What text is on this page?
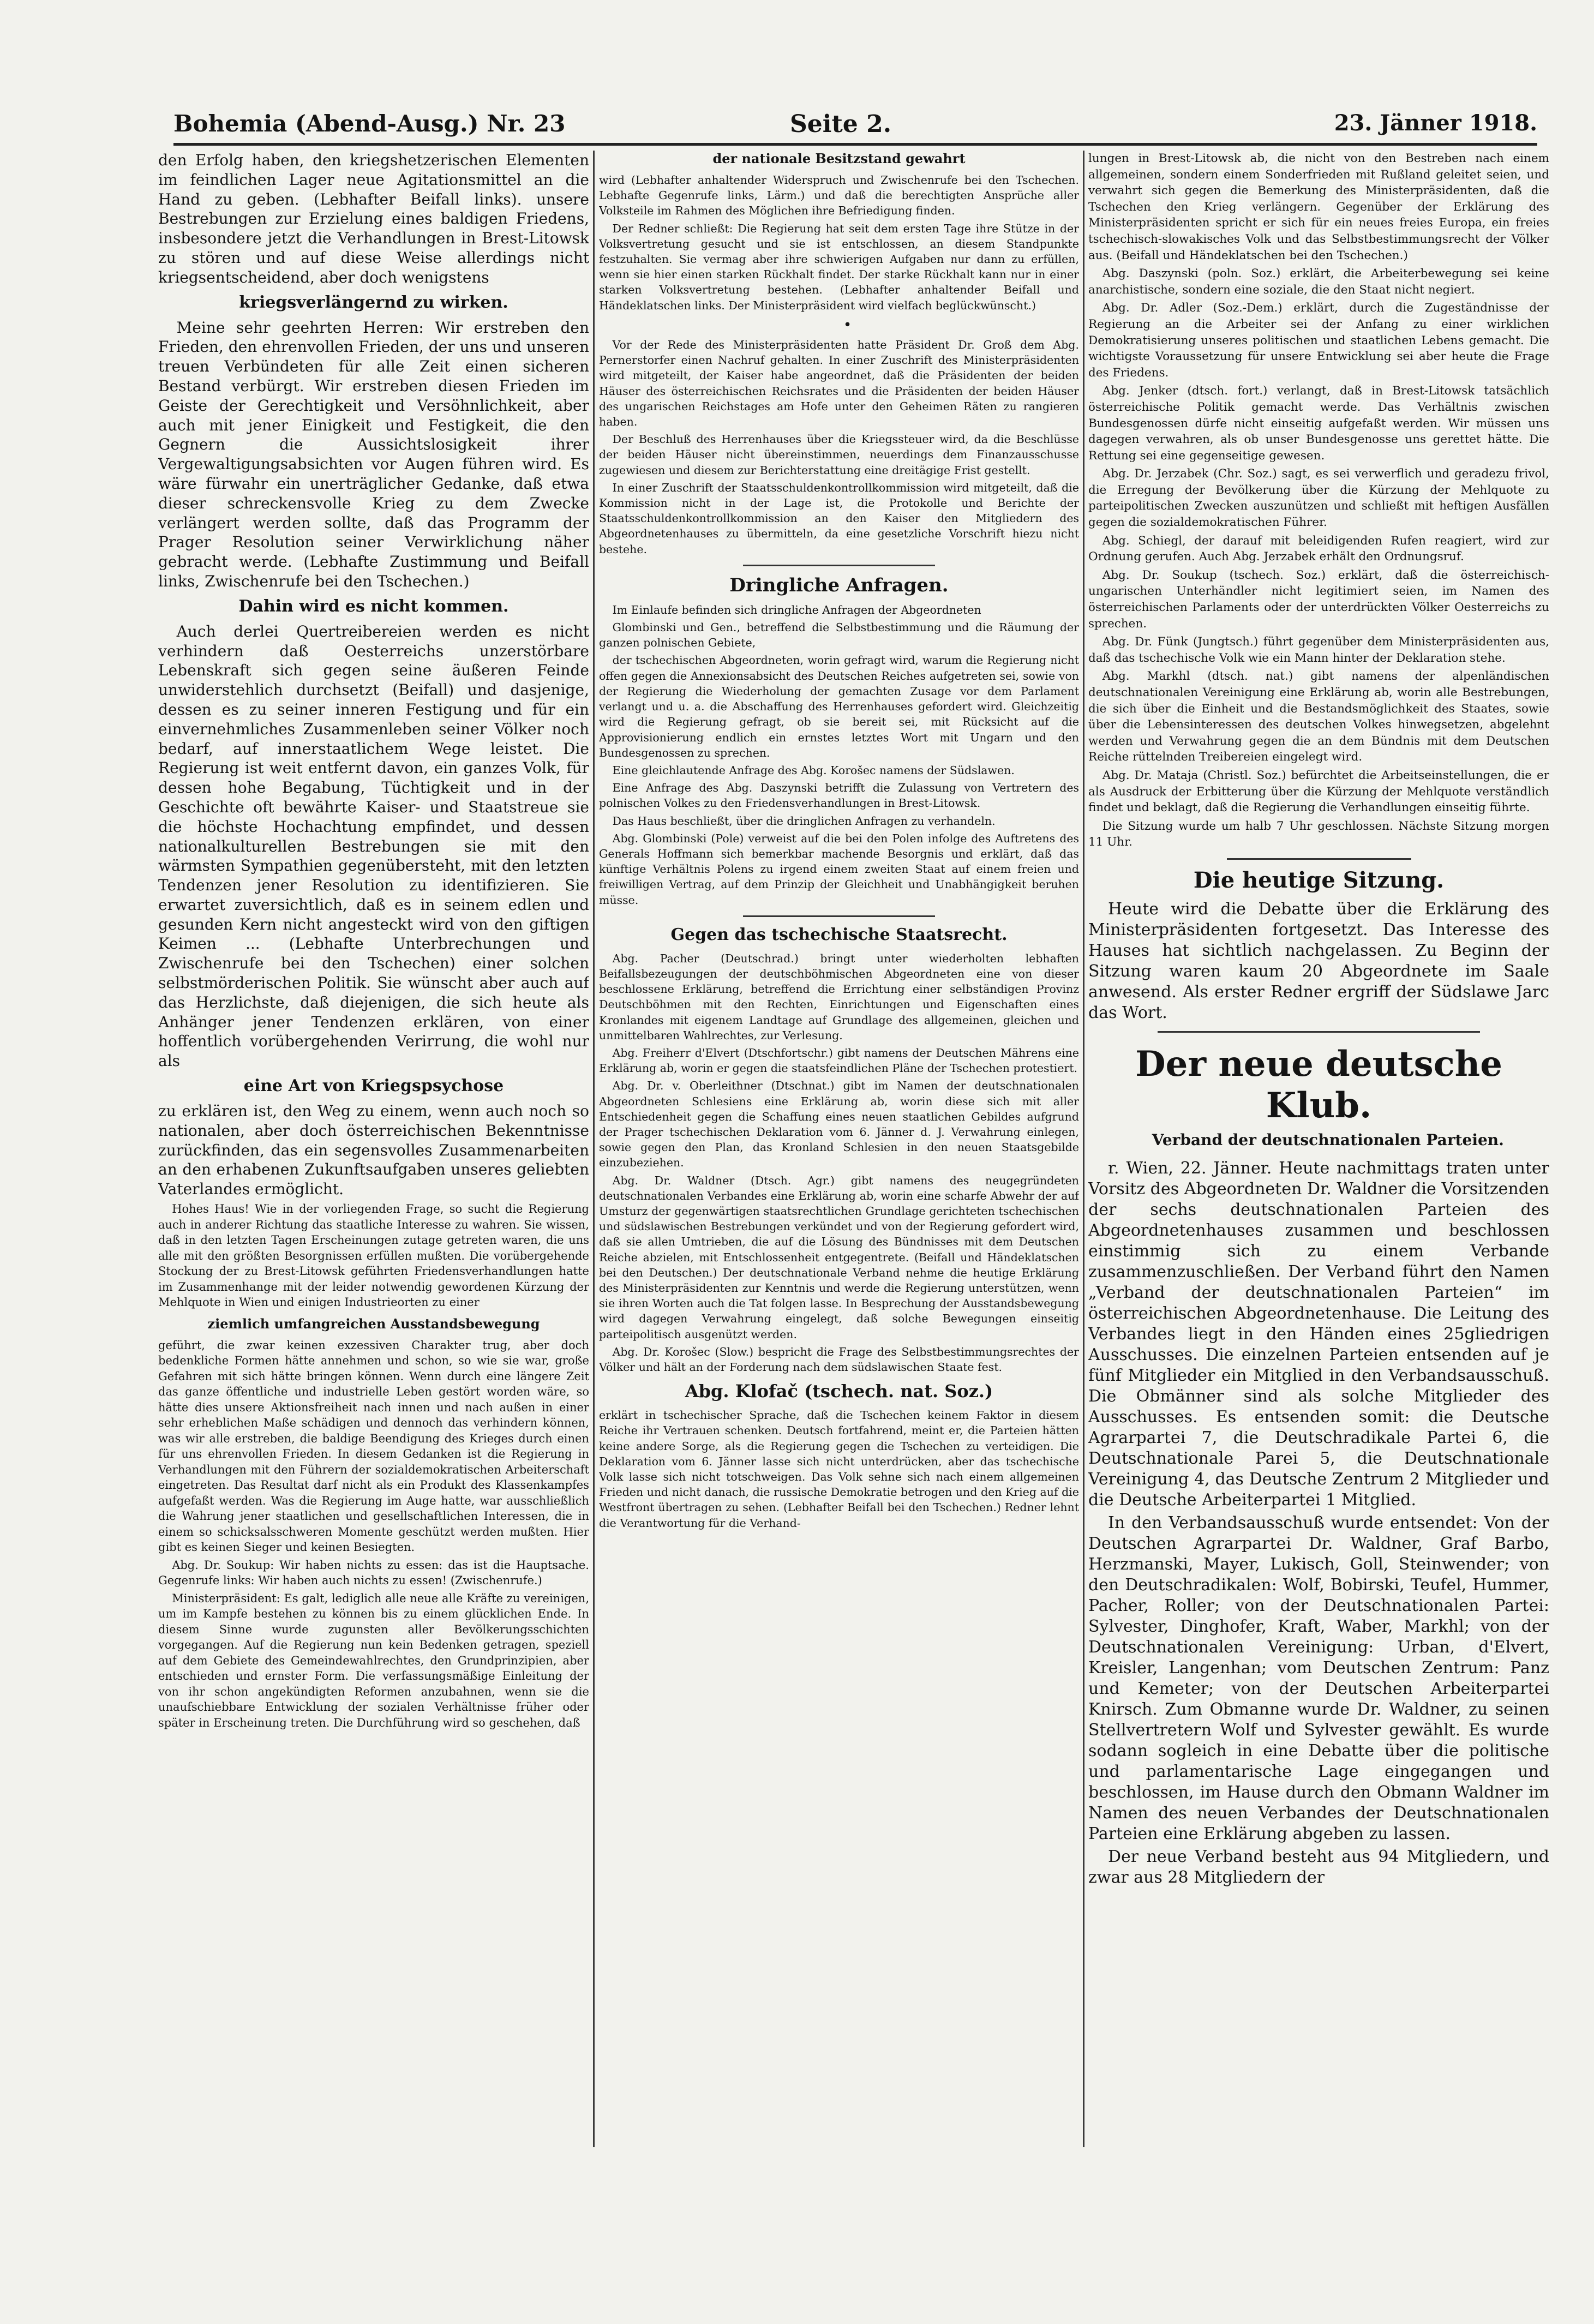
Bohemia (Abend-Ausg.) Nr. 23	Seite 2.	23. Jänner 1918.

den Erfolg haben, den kriegshetzerischen Elementen im feindlichen Lager neue Agitationsmittel an die Hand zu geben. (Lebhafter Beifall links). unsere Bestrebungen zur Erzielung eines baldigen Friedens, insbesondere jetzt die Verhandlungen in Brest-Litowsk zu stören und auf diese Weise allerdings nicht kriegsentscheidend, aber doch wenigstens

kriegsverlängernd zu wirken.

Meine sehr geehrten Herren: Wir erstreben den Frieden, den ehrenvollen Frieden, der uns und unseren treuen Verbündeten für alle Zeit einen sicheren Bestand verbürgt. Wir erstreben diesen Frieden im Geiste der Gerechtigkeit und Versöhnlichkeit, aber auch mit jener Einigkeit und Festigkeit, die den Gegnern die Aussichtslosigkeit ihrer Vergewaltigungsabsichten vor Augen führen wird. Es wäre fürwahr ein unerträglicher Gedanke, daß etwa dieser schreckensvolle Krieg zu dem Zwecke verlängert werden sollte, daß das Programm der Prager Resolution seiner Verwirklichung näher gebracht werde. (Lebhafte Zustimmung und Beifall links, Zwischenrufe bei den Tschechen.)

Dahin wird es nicht kommen.

Auch derlei Quertreibereien werden es nicht verhindern daß Oesterreichs unzerstörbare Lebenskraft sich gegen seine äußeren Feinde unwiderstehlich durchsetzt (Beifall) und dasjenige, dessen es zu seiner inneren Festigung und für ein einvernehmliches Zusammenleben seiner Völker noch bedarf, auf innerstaatlichem Wege leistet. Die Regierung ist weit entfernt davon, ein ganzes Volk, für dessen hohe Begabung, Tüchtigkeit und in der Geschichte oft bewährte Kaiser- und Staatstreue sie die höchste Hochachtung empfindet, und dessen nationalkulturellen Bestrebungen sie mit den wärmsten Sympathien gegenübersteht, mit den letzten Tendenzen jener Resolution zu identifizieren. Sie erwartet zuversichtlich, daß es in seinem edlen und gesunden Kern nicht angesteckt wird von den giftigen Keimen ... (Lebhafte Unterbrechungen und Zwischenrufe bei den Tschechen) einer solchen selbstmörderischen Politik. Sie wünscht aber auch auf das Herzlichste, daß diejenigen, die sich heute als Anhänger jener Tendenzen erklären, von einer hoffentlich vorübergehenden Verirrung, die wohl nur als

eine Art von Kriegspsychose

zu erklären ist, den Weg zu einem, wenn auch noch so nationalen, aber doch österreichischen Bekenntnisse zurückfinden, das ein segensvolles Zusammenarbeiten an den erhabenen Zukunftsaufgaben unseres geliebten Vaterlandes ermöglicht.

Hohes Haus! Wie in der vorliegenden Frage, so sucht die Regierung auch in anderer Richtung das staatliche Interesse zu wahren. Sie wissen, daß in den letzten Tagen Erscheinungen zutage getreten waren, die uns alle mit den größten Besorgnissen erfüllen mußten. Die vorübergehende Stockung der zu Brest-Litowsk geführten Friedensverhandlungen hatte im Zusammenhange mit der leider notwendig gewordenen Kürzung der Mehlquote in Wien und einigen Industrieorten zu einer

ziemlich umfangreichen Ausstandsbewegung

geführt, die zwar keinen exzessiven Charakter trug, aber doch bedenkliche Formen hätte annehmen und schon, so wie sie war, große Gefahren mit sich hätte bringen können. Wenn durch eine längere Zeit das ganze öffentliche und industrielle Leben gestört worden wäre, so hätte dies unsere Aktionsfreiheit nach innen und nach außen in einer sehr erheblichen Maße schädigen und dennoch das verhindern können, was wir alle erstreben, die baldige Beendigung des Krieges durch einen für uns ehrenvollen Frieden. In diesem Gedanken ist die Regierung in Verhandlungen mit den Führern der sozialdemokratischen Arbeiterschaft eingetreten. Das Resultat darf nicht als ein Produkt des Klassenkampfes aufgefaßt werden. Was die Regierung im Auge hatte, war ausschließlich die Wahrung jener staatlichen und gesellschaftlichen Interessen, die in einem so schicksalsschweren Momente geschützt werden mußten. Hier gibt es keinen Sieger und keinen Besiegten.

Abg. Dr. Soukup: Wir haben nichts zu essen: das ist die Hauptsache. Gegenrufe links: Wir haben auch nichts zu essen! (Zwischenrufe.)

Ministerpräsident: Es galt, lediglich alle neue alle Kräfte zu vereinigen, um im Kampfe bestehen zu können bis zu einem glücklichen Ende. In diesem Sinne wurde zugunsten aller Bevölkerungsschichten vorgegangen. Auf die Regierung nun kein Bedenken getragen, speziell auf dem Gebiete des Gemeindewahlrechtes, den Grundprinzipien, aber entschieden und ernster Form. Die verfassungsmäßige Einleitung der von ihr schon angekündigten Reformen anzubahnen, wenn sie die unaufschiebbare Entwicklung der sozialen Verhältnisse früher oder später in Erscheinung treten. Die Durchführung wird so geschehen, daß

der nationale Besitzstand gewahrt

wird (Lebhafter anhaltender Widerspruch und Zwischenrufe bei den Tschechen. Lebhafte Gegenrufe links, Lärm.) und daß die berechtigten Ansprüche aller Volksteile im Rahmen des Möglichen ihre Befriedigung finden.

Der Redner schließt: Die Regierung hat seit dem ersten Tage ihre Stütze in der Volksvertretung gesucht und sie ist entschlossen, an diesem Standpunkte festzuhalten. Sie vermag aber ihre schwierigen Aufgaben nur dann zu erfüllen, wenn sie hier einen starken Rückhalt findet. Der starke Rückhalt kann nur in einer starken Volksvertretung bestehen. (Lebhafter anhaltender Beifall und Händeklatschen links. Der Ministerpräsident wird vielfach beglückwünscht.)

•

Vor der Rede des Ministerpräsidenten hatte Präsident Dr. Groß dem Abg. Pernerstorfer einen Nachruf gehalten. In einer Zuschrift des Ministerpräsidenten wird mitgeteilt, der Kaiser habe angeordnet, daß die Präsidenten der beiden Häuser des österreichischen Reichsrates und die Präsidenten der beiden Häuser des ungarischen Reichstages am Hofe unter den Geheimen Räten zu rangieren haben.

Der Beschluß des Herrenhauses über die Kriegssteuer wird, da die Beschlüsse der beiden Häuser nicht übereinstimmen, neuerdings dem Finanzausschusse zugewiesen und diesem zur Berichterstattung eine dreitägige Frist gestellt.

In einer Zuschrift der Staatsschuldenkontrollkommission wird mitgeteilt, daß die Kommission nicht in der Lage ist, die Protokolle und Berichte der Staatsschuldenkontrollkommission an den Kaiser den Mitgliedern des Abgeordnetenhauses zu übermitteln, da eine gesetzliche Vorschrift hiezu nicht bestehe.

Dringliche Anfragen.

Im Einlaufe befinden sich dringliche Anfragen der Abgeordneten

Glombinski und Gen., betreffend die Selbstbestimmung und die Räumung der ganzen polnischen Gebiete,

der tschechischen Abgeordneten, worin gefragt wird, warum die Regierung nicht offen gegen die Annexionsabsicht des Deutschen Reiches aufgetreten sei, sowie von der Regierung die Wiederholung der gemachten Zusage vor dem Parlament verlangt und u. a. die Abschaffung des Herrenhauses gefordert wird. Gleichzeitig wird die Regierung gefragt, ob sie bereit sei, mit Rücksicht auf die Approvisionierung endlich ein ernstes letztes Wort mit Ungarn und den Bundesgenossen zu sprechen.

Eine gleichlautende Anfrage des Abg. Korošec namens der Südslawen.

Eine Anfrage des Abg. Daszynski betrifft die Zulassung von Vertretern des polnischen Volkes zu den Friedensverhandlungen in Brest-Litowsk.

Das Haus beschließt, über die dringlichen Anfragen zu verhandeln.

Abg. Glombinski (Pole) verweist auf die bei den Polen infolge des Auftretens des Generals Hoffmann sich bemerkbar machende Besorgnis und erklärt, daß das künftige Verhältnis Polens zu irgend einem zweiten Staat auf einem freien und freiwilligen Vertrag, auf dem Prinzip der Gleichheit und Unabhängigkeit beruhen müsse.

Gegen das tschechische Staatsrecht.

Abg. Pacher (Deutschrad.) bringt unter wiederholten lebhaften Beifallsbezeugungen der deutschböhmischen Abgeordneten eine von dieser beschlossene Erklärung, betreffend die Errichtung einer selbständigen Provinz Deutschböhmen mit den Rechten, Einrichtungen und Eigenschaften eines Kronlandes mit eigenem Landtage auf Grundlage des allgemeinen, gleichen und unmittelbaren Wahlrechtes, zur Verlesung.

Abg. Freiherr d'Elvert (Dtschfortschr.) gibt namens der Deutschen Mährens eine Erklärung ab, worin er gegen die staatsfeindlichen Pläne der Tschechen protestiert.

Abg. Dr. v. Oberleithner (Dtschnat.) gibt im Namen der deutschnationalen Abgeordneten Schlesiens eine Erklärung ab, worin diese sich mit aller Entschiedenheit gegen die Schaffung eines neuen staatlichen Gebildes aufgrund der Prager tschechischen Deklaration vom 6. Jänner d. J. Verwahrung einlegen, sowie gegen den Plan, das Kronland Schlesien in den neuen Staatsgebilde einzubeziehen.

Abg. Dr. Waldner (Dtsch. Agr.) gibt namens des neugegründeten deutschnationalen Verbandes eine Erklärung ab, worin eine scharfe Abwehr der auf Umsturz der gegenwärtigen staatsrechtlichen Grundlage gerichteten tschechischen und südslawischen Bestrebungen verkündet und von der Regierung gefordert wird, daß sie allen Umtrieben, die auf die Lösung des Bündnisses mit dem Deutschen Reiche abzielen, mit Entschlossenheit entgegentrete. (Beifall und Händeklatschen bei den Deutschen.) Der deutschnationale Verband nehme die heutige Erklärung des Ministerpräsidenten zur Kenntnis und werde die Regierung unterstützen, wenn sie ihren Worten auch die Tat folgen lasse. In Besprechung der Ausstandsbewegung wird dagegen Verwahrung eingelegt, daß solche Bewegungen einseitig parteipolitisch ausgenützt werden.

Abg. Dr. Korošec (Slow.) bespricht die Frage des Selbstbestimmungsrechtes der Völker und hält an der Forderung nach dem südslawischen Staate fest.

Abg. Klofač (tschech. nat. Soz.)

erklärt in tschechischer Sprache, daß die Tschechen keinem Faktor in diesem Reiche ihr Vertrauen schenken. Deutsch fortfahrend, meint er, die Parteien hätten keine andere Sorge, als die Regierung gegen die Tschechen zu verteidigen. Die Deklaration vom 6. Jänner lasse sich nicht unterdrücken, aber das tschechische Volk lasse sich nicht totschweigen. Das Volk sehne sich nach einem allgemeinen Frieden und nicht danach, die russische Demokratie betrogen und den Krieg auf die Westfront übertragen zu sehen. (Lebhafter Beifall bei den Tschechen.) Redner lehnt die Verantwortung für die Verhand-

lungen in Brest-Litowsk ab, die nicht von den Bestreben nach einem allgemeinen, sondern einem Sonderfrieden mit Rußland geleitet seien, und verwahrt sich gegen die Bemerkung des Ministerpräsidenten, daß die Tschechen den Krieg verlängern. Gegenüber der Erklärung des Ministerpräsidenten spricht er sich für ein neues freies Europa, ein freies tschechisch-slowakisches Volk und das Selbstbestimmungsrecht der Völker aus. (Beifall und Händeklatschen bei den Tschechen.)

Abg. Daszynski (poln. Soz.) erklärt, die Arbeiterbewegung sei keine anarchistische, sondern eine soziale, die den Staat nicht negiert.

Abg. Dr. Adler (Soz.-Dem.) erklärt, durch die Zugeständnisse der Regierung an die Arbeiter sei der Anfang zu einer wirklichen Demokratisierung unseres politischen und staatlichen Lebens gemacht. Die wichtigste Voraussetzung für unsere Entwicklung sei aber heute die Frage des Friedens.

Abg. Jenker (dtsch. fort.) verlangt, daß in Brest-Litowsk tatsächlich österreichische Politik gemacht werde. Das Verhältnis zwischen Bundesgenossen dürfe nicht einseitig aufgefaßt werden. Wir müssen uns dagegen verwahren, als ob unser Bundesgenosse uns gerettet hätte. Die Rettung sei eine gegenseitige gewesen.

Abg. Dr. Jerzabek (Chr. Soz.) sagt, es sei verwerflich und geradezu frivol, die Erregung der Bevölkerung über die Kürzung der Mehlquote zu parteipolitischen Zwecken auszunützen und schließt mit heftigen Ausfällen gegen die sozialdemokratischen Führer.

Abg. Schiegl, der darauf mit beleidigenden Rufen reagiert, wird zur Ordnung gerufen. Auch Abg. Jerzabek erhält den Ordnungsruf.

Abg. Dr. Soukup (tschech. Soz.) erklärt, daß die österreichisch-ungarischen Unterhändler nicht legitimiert seien, im Namen des österreichischen Parlaments oder der unterdrückten Völker Oesterreichs zu sprechen.

Abg. Dr. Fünk (Jungtsch.) führt gegenüber dem Ministerpräsidenten aus, daß das tschechische Volk wie ein Mann hinter der Deklaration stehe.

Abg. Markhl (dtsch. nat.) gibt namens der alpenländischen deutschnationalen Vereinigung eine Erklärung ab, worin alle Bestrebungen, die sich über die Einheit und die Bestandsmöglichkeit des Staates, sowie über die Lebensinteressen des deutschen Volkes hinwegsetzen, abgelehnt werden und Verwahrung gegen die an dem Bündnis mit dem Deutschen Reiche rüttelnden Treibereien eingelegt wird.

Abg. Dr. Mataja (Christl. Soz.) befürchtet die Arbeitseinstellungen, die er als Ausdruck der Erbitterung über die Kürzung der Mehlquote verständlich findet und beklagt, daß die Regierung die Verhandlungen einseitig führte.

Die Sitzung wurde um halb 7 Uhr geschlossen. Nächste Sitzung morgen 11 Uhr.

Die heutige Sitzung.

Heute wird die Debatte über die Erklärung des Ministerpräsidenten fortgesetzt. Das Interesse des Hauses hat sichtlich nachgelassen. Zu Beginn der Sitzung waren kaum 20 Abgeordnete im Saale anwesend. Als erster Redner ergriff der Südslawe Jarc das Wort.

Der neue deutsche Klub.

Verband der deutschnationalen Parteien.

r. Wien, 22. Jänner. Heute nachmittags traten unter Vorsitz des Abgeordneten Dr. Waldner die Vorsitzenden der sechs deutschnationalen Parteien des Abgeordnetenhauses zusammen und beschlossen einstimmig sich zu einem Verbande zusammenzuschließen. Der Verband führt den Namen „Verband der deutschnationalen Parteien“ im österreichischen Abgeordnetenhause. Die Leitung des Verbandes liegt in den Händen eines 25gliedrigen Ausschusses. Die einzelnen Parteien entsenden auf je fünf Mitglieder ein Mitglied in den Verbandsausschuß. Die Obmänner sind als solche Mitglieder des Ausschusses. Es entsenden somit: die Deutsche Agrarpartei 7, die Deutschradikale Partei 6, die Deutschnationale Parei 5, die Deutschnationale Vereinigung 4, das Deutsche Zentrum 2 Mitglieder und die Deutsche Arbeiterpartei 1 Mitglied.

In den Verbandsausschuß wurde entsendet: Von der Deutschen Agrarpartei Dr. Waldner, Graf Barbo, Herzmanski, Mayer, Lukisch, Goll, Steinwender; von den Deutschradikalen: Wolf, Bobirski, Teufel, Hummer, Pacher, Roller; von der Deutschnationalen Partei: Sylvester, Dinghofer, Kraft, Waber, Markhl; von der Deutschnationalen Vereinigung: Urban, d'Elvert, Kreisler, Langenhan; vom Deutschen Zentrum: Panz und Kemeter; von der Deutschen Arbeiterpartei Knirsch. Zum Obmanne wurde Dr. Waldner, zu seinen Stellvertretern Wolf und Sylvester gewählt. Es wurde sodann sogleich in eine Debatte über die politische und parlamentarische Lage eingegangen und beschlossen, im Hause durch den Obmann Waldner im Namen des neuen Verbandes der Deutschnationalen Parteien eine Erklärung abgeben zu lassen.

Der neue Verband besteht aus 94 Mitgliedern, und zwar aus 28 Mitgliedern der
